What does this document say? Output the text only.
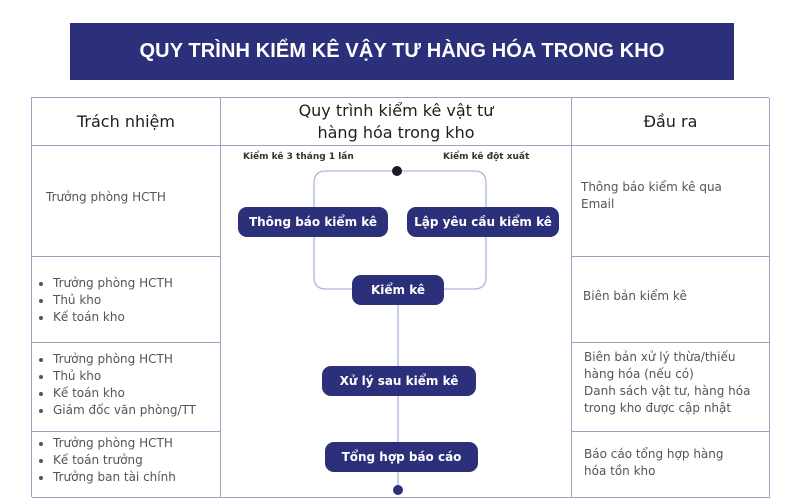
QUY TRÌNH KIỂM KÊ VẬY TƯ HÀNG HÓA TRONG KHO
Trách nhiệm
Quy trình kiểm kê vật tư
hàng hóa trong kho
Đầu ra
Trưởng phòng HCTH
Thông báo kiểm kê qua
Email
• Trưởng phòng HCTH
• Thủ kho
• Kế toán kho
Biên bản kiểm kê
• Trưởng phòng HCTH
• Thủ kho
• Kế toán kho
• Giám đốc văn phòng/TT
Biên bản xử lý thừa/thiếu
hàng hóa (nếu có)
Danh sách vật tư, hàng hóa
trong kho được cập nhật
• Trưởng phòng HCTH
• Kế toán trưởng
• Trưởng ban tài chính
Báo cáo tổng hợp hàng
hóa tồn kho
Kiểm kê 3 tháng 1 lần	Kiểm kê đột xuất
Thông báo kiểm kê	Lập yêu cầu kiểm kê
Kiểm kê
Xử lý sau kiểm kê
Tổng hợp báo cáo
